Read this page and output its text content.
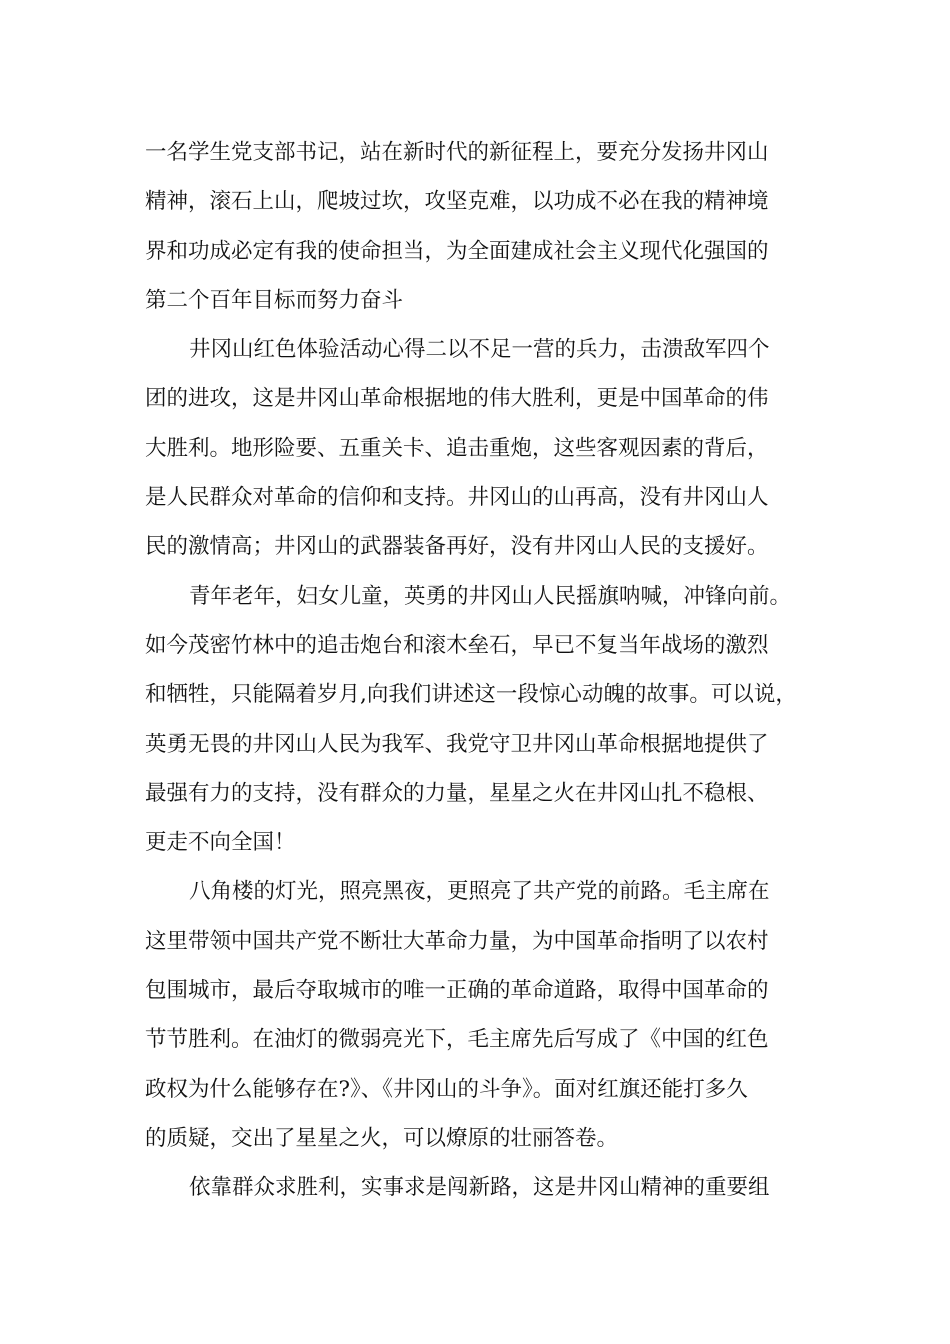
一名学生党支部书记，站在新时代的新征程上，要充分发扬井冈山
精神，滚石上山，爬坡过坎，攻坚克难，以功成不必在我的精神境
界和功成必定有我的使命担当，为全面建成社会主义现代化强国的
第二个百年目标而努力奋斗
井冈山红色体验活动心得二以不足一营的兵力，击溃敌军四个
团的进攻，这是井冈山革命根据地的伟大胜利，更是中国革命的伟
大胜利。地形险要、五重关卡、追击重炮，这些客观因素的背后，
是人民群众对革命的信仰和支持。井冈山的山再高，没有井冈山人
民的激情高；井冈山的武器装备再好，没有井冈山人民的支援好。
青年老年，妇女儿童，英勇的井冈山人民摇旗呐喊，冲锋向前。
如今茂密竹林中的追击炮台和滚木垒石，早已不复当年战场的激烈
和牺牲，只能隔着岁月,向我们讲述这一段惊心动魄的故事。可以说，
英勇无畏的井冈山人民为我军、我党守卫井冈山革命根据地提供了
最强有力的支持，没有群众的力量，星星之火在井冈山扎不稳根、
更走不向全国！
八角楼的灯光，照亮黑夜，更照亮了共产党的前路。毛主席在
这里带领中国共产党不断壮大革命力量，为中国革命指明了以农村
包围城市，最后夺取城市的唯一正确的革命道路，取得中国革命的
节节胜利。在油灯的微弱亮光下，毛主席先后写成了《中国的红色
政权为什么能够存在?》、《井冈山的斗争》。面对红旗还能打多久
的质疑，交出了星星之火，可以燎原的壮丽答卷。
依靠群众求胜利，实事求是闯新路，这是井冈山精神的重要组
